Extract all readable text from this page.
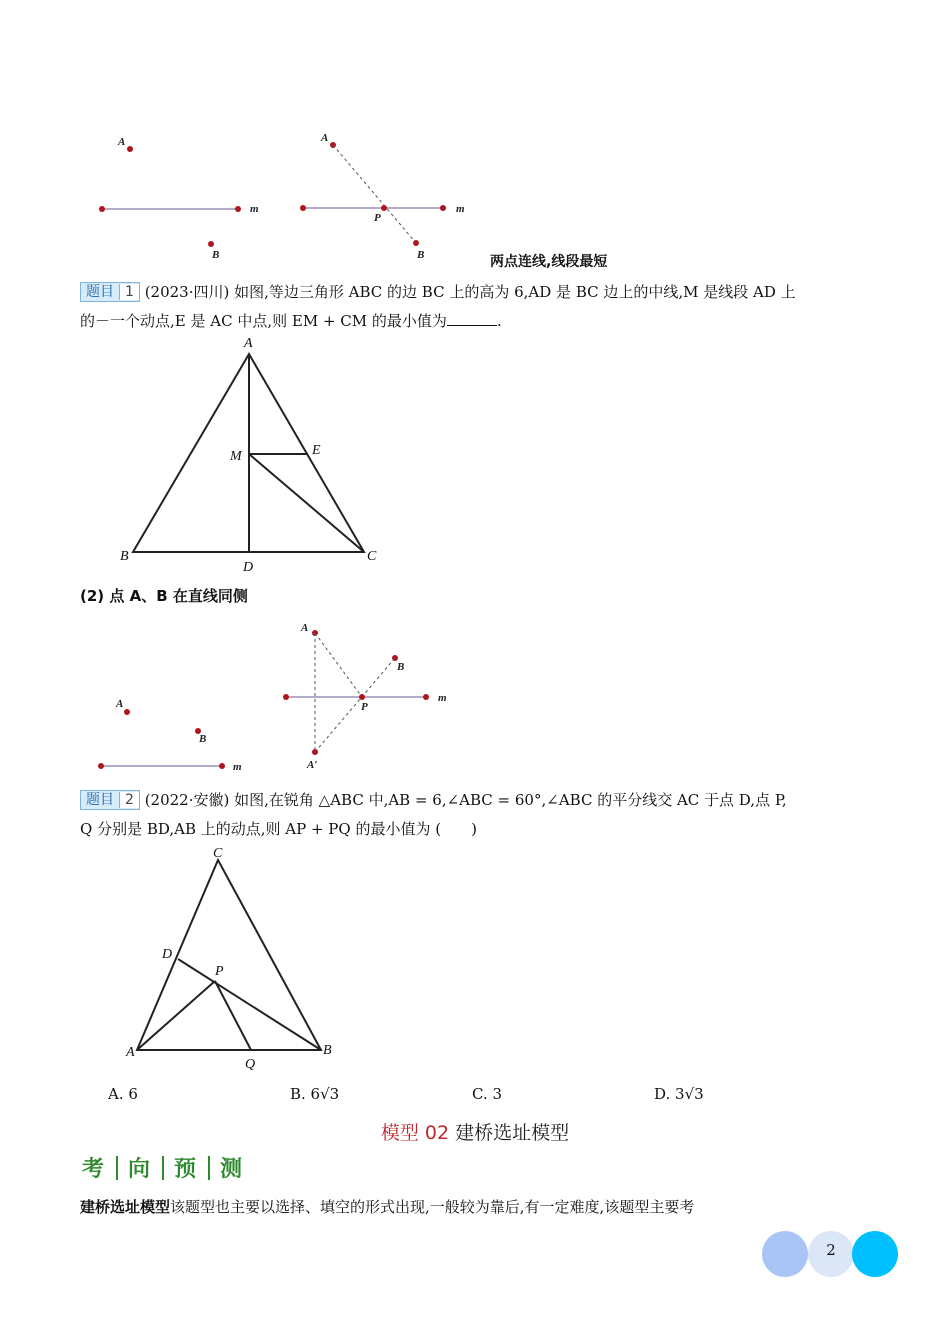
A
m
B
A
m
P
B	两点连线,线段最短
题目 1 (2023·四川) 如图,等边三角形 ABC 的边 BC 上的高为 6,AD 是 BC 边上的中线,M 是线段 AD 上
的－一个动点,E 是 AC 中点,则 EM + CM 的最小值为	.
A
B	C
D
E
M
(2) 点 A、B 在直线同侧
A
B
m
A
B
m
P
A′
题目 2 (2022·安徽) 如图,在锐角 △ABC 中,AB = 6,∠ABC = 60°,∠ABC 的平分线交 AC 于点 D,点 P,
Q 分别是 BD,AB 上的动点,则 AP + PQ 的最小值为 (　　)
C
D
P
A	B
Q
A. 6	B. 6√3	C. 3	D. 3√3
模型 02 建桥选址模型
考 向 预 测
建桥选址模型该题型也主要以选择、填空的形式出现,一般较为靠后,有一定难度,该题型主要考
2
